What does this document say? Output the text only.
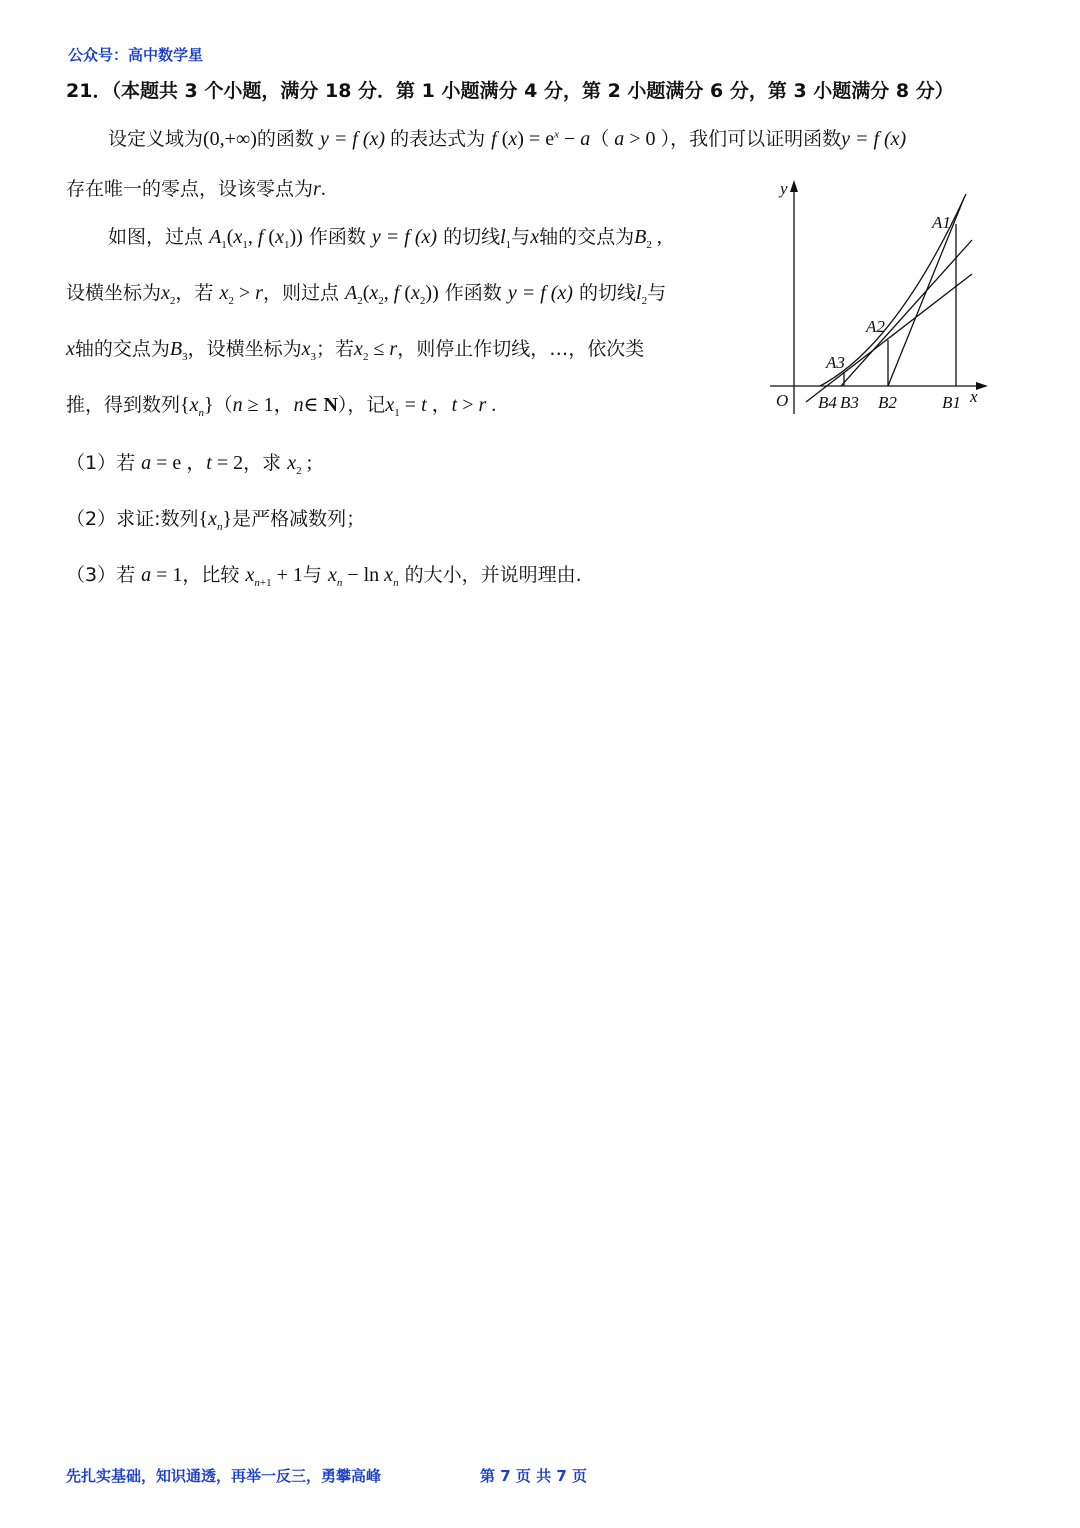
公众号：高中数学星
21．（本题共 3 个小题，满分 18 分．第 1 小题满分 4 分，第 2 小题满分 6 分，第 3 小题满分 8 分）
设定义域为(0,+∞)的函数 y = f (x) 的表达式为 f $(x) = e^x - a$（ a > 0 ），我们可以证明函数y = f (x)
存在唯一的零点，设该零点为r.
如图，过点 $A_1(x_1$, f $(x_1)$) 作函数 y = f (x) 的切线$l_1$与x轴的交点为$B_2$ ,
设横坐标为$x_2$，若 $x_2 > r$，则过点 $A_2(x_2$, f $(x_2)$) 作函数 y = f (x) 的切线$l_2$与
x轴的交点为$B_3$，设横坐标为$x_3$；若$x_2 \le r$，则停止作切线，…，依次类
推，得到数列$\{x_n\}(n \ge 1$，n∈ N），记$x_1 = t$ ，t > r .
（1）若 a = e ，t = 2，求 $x_2$ ;
（2）求证:数列$\{x_n\}$是严格减数列；
（3）若 a = 1，比较 $x_{n+1} + 1$与 $x_n - \ln x_n$ 的大小，并说明理由.
y
x
O
A1
A2
A3
B4 B3 B2	B1
先扎实基础，知识通透，再举一反三，勇攀高峰	第 7 页 共 7 页
